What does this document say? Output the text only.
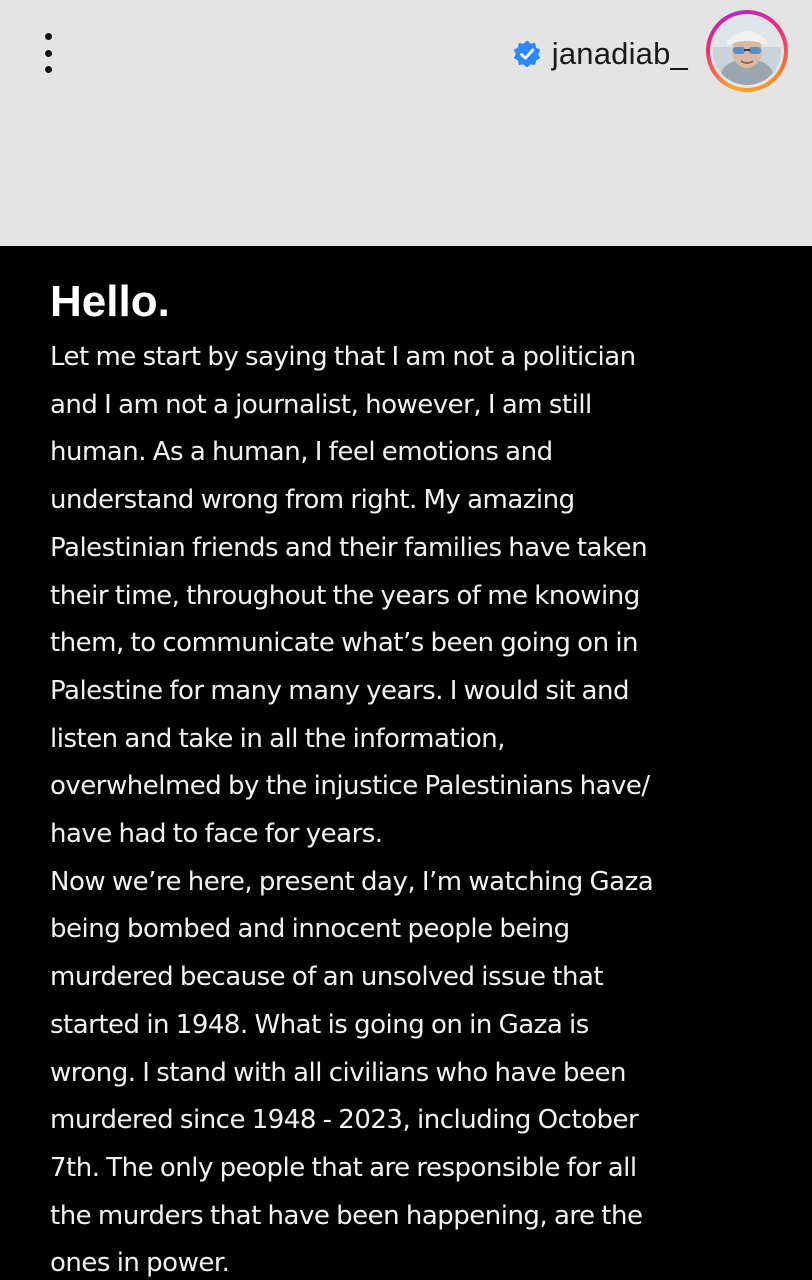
janadiab_
Hello.
Let me start by saying that I am not a politician
and I am not a journalist, however, I am still
human. As a human, I feel emotions and
understand wrong from right. My amazing
Palestinian friends and their families have taken
their time, throughout the years of me knowing
them, to communicate what’s been going on in
Palestine for many many years. I would sit and
listen and take in all the information,
overwhelmed by the injustice Palestinians have/
have had to face for years.
Now we’re here, present day, I’m watching Gaza
being bombed and innocent people being
murdered because of an unsolved issue that
started in 1948. What is going on in Gaza is
wrong. I stand with all civilians who have been
murdered since 1948 - 2023, including October
7th. The only people that are responsible for all
the murders that have been happening, are the
ones in power.
